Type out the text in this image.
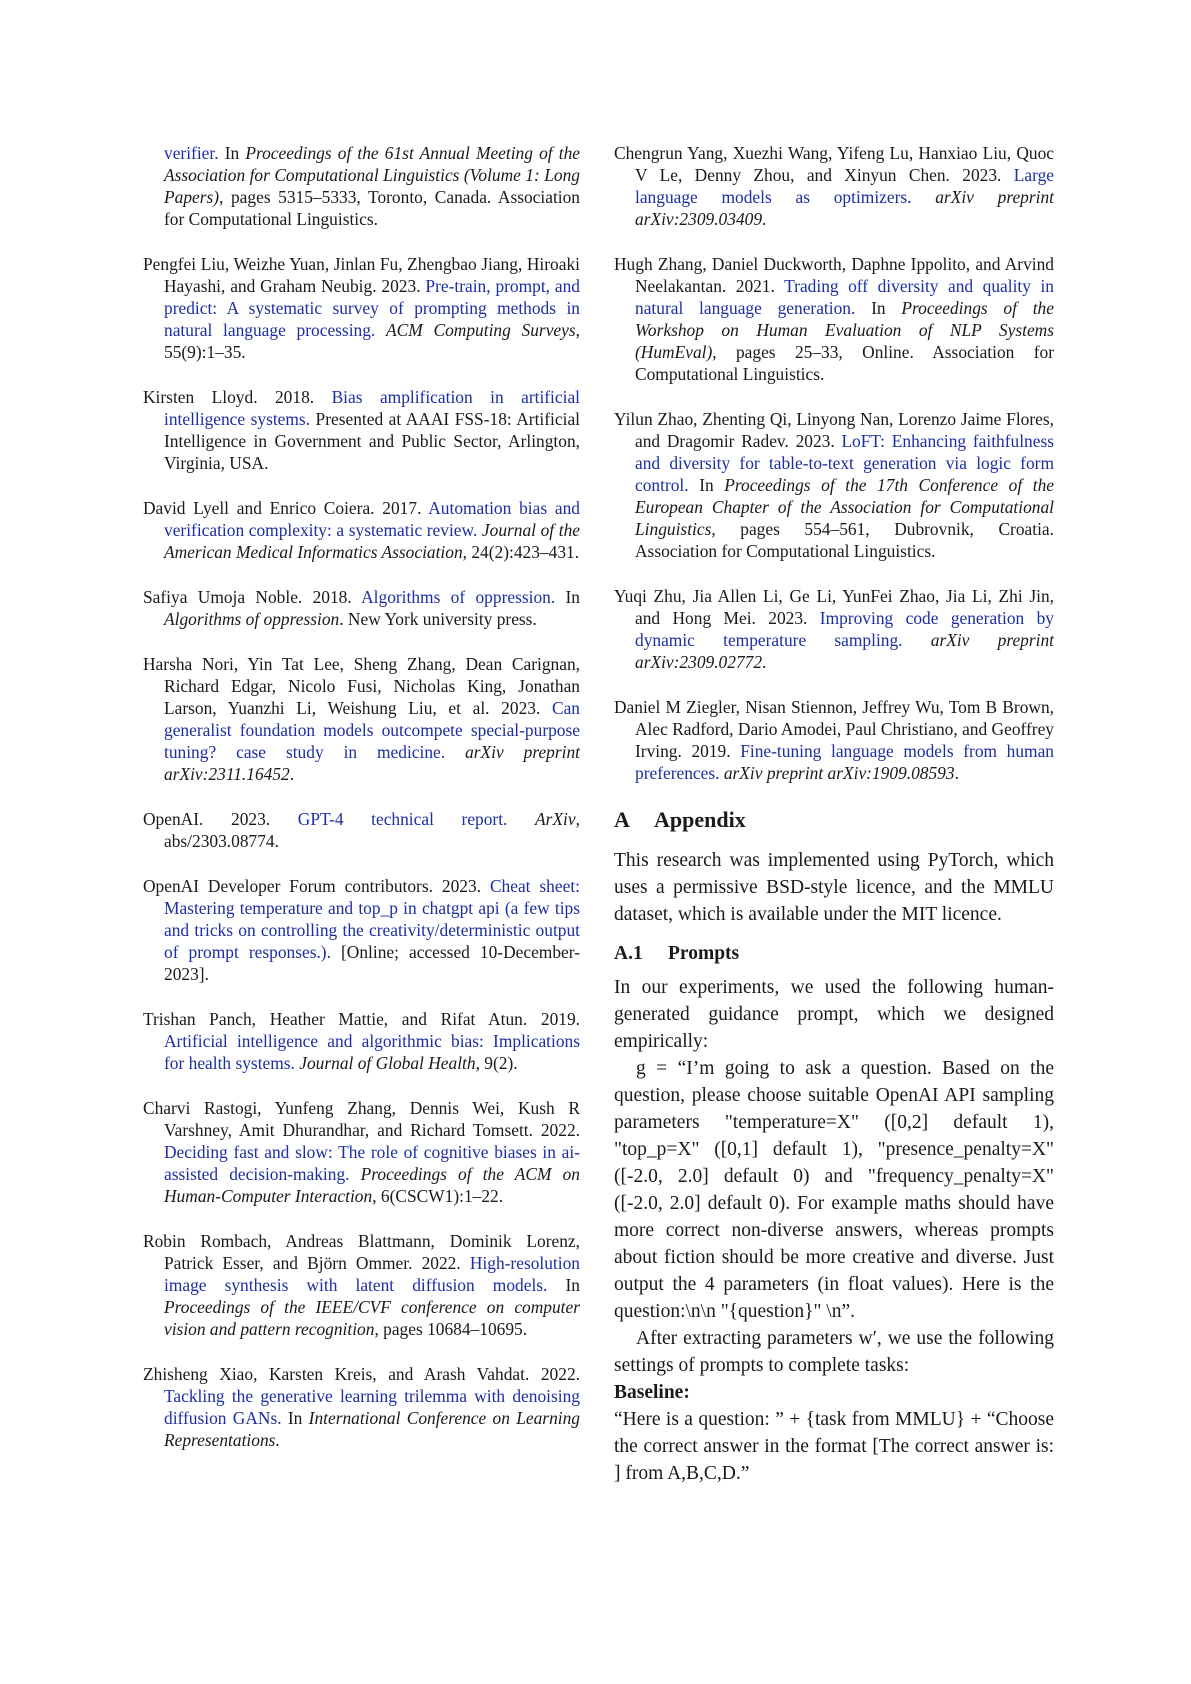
verifier. In Proceedings of the 61st Annual Meeting of the Association for Computational Linguistics (Volume 1: Long Papers), pages 5315–5333, Toronto, Canada. Association for Computational Linguistics.

Pengfei Liu, Weizhe Yuan, Jinlan Fu, Zhengbao Jiang, Hiroaki Hayashi, and Graham Neubig. 2023. Pre-train, prompt, and predict: A systematic survey of prompting methods in natural language processing. ACM Computing Surveys, 55(9):1–35.

Kirsten Lloyd. 2018. Bias amplification in artificial intelligence systems. Presented at AAAI FSS-18: Artificial Intelligence in Government and Public Sector, Arlington, Virginia, USA.

David Lyell and Enrico Coiera. 2017. Automation bias and verification complexity: a systematic review. Journal of the American Medical Informatics Association, 24(2):423–431.

Safiya Umoja Noble. 2018. Algorithms of oppression. In Algorithms of oppression. New York university press.

Harsha Nori, Yin Tat Lee, Sheng Zhang, Dean Carignan, Richard Edgar, Nicolo Fusi, Nicholas King, Jonathan Larson, Yuanzhi Li, Weishung Liu, et al. 2023. Can generalist foundation models outcompete special-purpose tuning? case study in medicine. arXiv preprint arXiv:2311.16452.

OpenAI. 2023. GPT-4 technical report. ArXiv, abs/2303.08774.

OpenAI Developer Forum contributors. 2023. Cheat sheet: Mastering temperature and top_p in chatgpt api (a few tips and tricks on controlling the creativity/deterministic output of prompt responses.). [Online; accessed 10-December-2023].

Trishan Panch, Heather Mattie, and Rifat Atun. 2019. Artificial intelligence and algorithmic bias: Implications for health systems. Journal of Global Health, 9(2).

Charvi Rastogi, Yunfeng Zhang, Dennis Wei, Kush R Varshney, Amit Dhurandhar, and Richard Tomsett. 2022. Deciding fast and slow: The role of cognitive biases in ai-assisted decision-making. Proceedings of the ACM on Human-Computer Interaction, 6(CSCW1):1–22.

Robin Rombach, Andreas Blattmann, Dominik Lorenz, Patrick Esser, and Björn Ommer. 2022. High-resolution image synthesis with latent diffusion models. In Proceedings of the IEEE/CVF conference on computer vision and pattern recognition, pages 10684–10695.

Zhisheng Xiao, Karsten Kreis, and Arash Vahdat. 2022. Tackling the generative learning trilemma with denoising diffusion GANs. In International Conference on Learning Representations.

Chengrun Yang, Xuezhi Wang, Yifeng Lu, Hanxiao Liu, Quoc V Le, Denny Zhou, and Xinyun Chen. 2023. Large language models as optimizers. arXiv preprint arXiv:2309.03409.

Hugh Zhang, Daniel Duckworth, Daphne Ippolito, and Arvind Neelakantan. 2021. Trading off diversity and quality in natural language generation. In Proceedings of the Workshop on Human Evaluation of NLP Systems (HumEval), pages 25–33, Online. Association for Computational Linguistics.

Yilun Zhao, Zhenting Qi, Linyong Nan, Lorenzo Jaime Flores, and Dragomir Radev. 2023. LoFT: Enhancing faithfulness and diversity for table-to-text generation via logic form control. In Proceedings of the 17th Conference of the European Chapter of the Association for Computational Linguistics, pages 554–561, Dubrovnik, Croatia. Association for Computational Linguistics.

Yuqi Zhu, Jia Allen Li, Ge Li, YunFei Zhao, Jia Li, Zhi Jin, and Hong Mei. 2023. Improving code generation by dynamic temperature sampling. arXiv preprint arXiv:2309.02772.

Daniel M Ziegler, Nisan Stiennon, Jeffrey Wu, Tom B Brown, Alec Radford, Dario Amodei, Paul Christiano, and Geoffrey Irving. 2019. Fine-tuning language models from human preferences. arXiv preprint arXiv:1909.08593.

A Appendix

This research was implemented using PyTorch, which uses a permissive BSD-style licence, and the MMLU dataset, which is available under the MIT licence.

A.1 Prompts

In our experiments, we used the following human-generated guidance prompt, which we designed empirically:

g = “I’m going to ask a question. Based on the question, please choose suitable OpenAI API sampling parameters "temperature=X" ([0,2] default 1), "top_p=X" ([0,1] default 1), "presence_penalty=X" ([-2.0, 2.0] default 0) and "frequency_penalty=X" ([-2.0, 2.0] default 0). For example maths should have more correct non-diverse answers, whereas prompts about fiction should be more creative and diverse. Just output the 4 parameters (in float values). Here is the question:\n\n "{question}" \n”.

After extracting parameters w′, we use the following settings of prompts to complete tasks:

Baseline:

“Here is a question: ” + {task from MMLU} + “Choose the correct answer in the format [The correct answer is: ] from A,B,C,D.”
